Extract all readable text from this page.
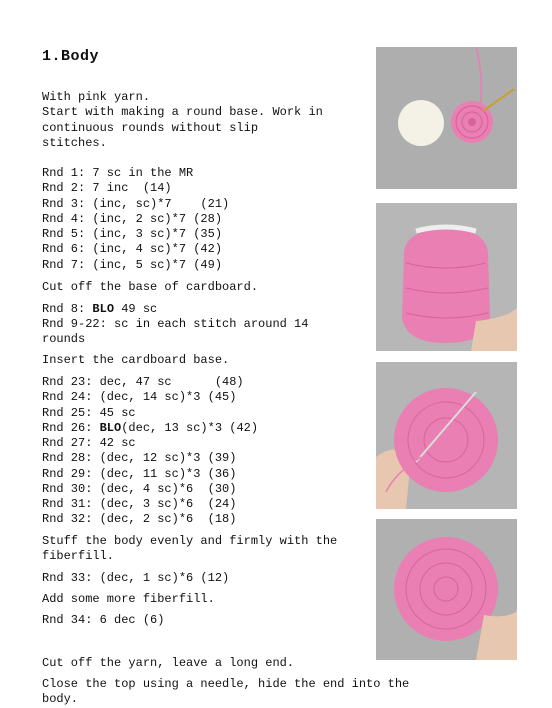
1.Body
With pink yarn.
Start with making a round base. Work in
continuous rounds without slip
stitches.
Rnd 1: 7 sc in the MR
Rnd 2: 7 inc  (14)
Rnd 3: (inc, sc)*7    (21)
Rnd 4: (inc, 2 sc)*7 (28)
Rnd 5: (inc, 3 sc)*7 (35)
Rnd 6: (inc, 4 sc)*7 (42)
Rnd 7: (inc, 5 sc)*7 (49)
Cut off the base of cardboard.
Rnd 8: BLO 49 sc
Rnd 9-22: sc in each stitch around 14
rounds
Insert the cardboard base.
Rnd 23: dec, 47 sc      (48)
Rnd 24: (dec, 14 sc)*3 (45)
Rnd 25: 45 sc
Rnd 26: BLO(dec, 13 sc)*3 (42)
Rnd 27: 42 sc
Rnd 28: (dec, 12 sc)*3 (39)
Rnd 29: (dec, 11 sc)*3 (36)
Rnd 30: (dec, 4 sc)*6  (30)
Rnd 31: (dec, 3 sc)*6  (24)
Rnd 32: (dec, 2 sc)*6  (18)
Stuff the body evenly and firmly with the
fiberfill.
Rnd 33: (dec, 1 sc)*6 (12)
Add some more fiberfill.
Rnd 34: 6 dec (6)
Cut off the yarn, leave a long end.
Close the top using a needle, hide the end into the
body.
